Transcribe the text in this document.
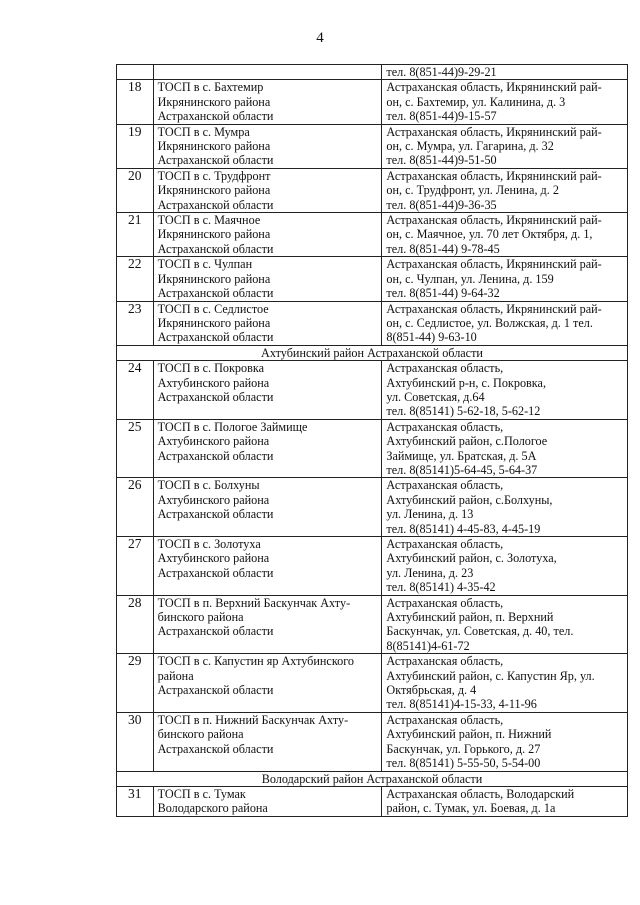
4

		тел. 8(851-44)9-29-21

18	ТОСП в с. Бахтемир
Икрянинского района
Астраханской области	Астраханская область, Икрянинский рай-
он, с. Бахтемир, ул. Калинина, д. 3
тел. 8(851-44)9-15-57

19	ТОСП в с. Мумра
Икрянинского района
Астраханской области	Астраханская область, Икрянинский рай-
он, с. Мумра, ул. Гагарина, д. 32
тел. 8(851-44)9-51-50

20	ТОСП в с. Трудфронт
Икрянинского района
Астраханской области	Астраханская область, Икрянинский рай-
он, с. Трудфронт, ул. Ленина, д. 2
тел. 8(851-44)9-36-35

21	ТОСП в с. Маячное
Икрянинского района
Астраханской области	Астраханская область, Икрянинский рай-
он, с. Маячное, ул. 70 лет Октября, д. 1,
тел. 8(851-44) 9-78-45

22	ТОСП в с. Чулпан
Икрянинского района
Астраханской области	Астраханская область, Икрянинский рай-
он, с. Чулпан, ул. Ленина, д. 159
тел. 8(851-44) 9-64-32

23	ТОСП в с. Седлистое
Икрянинского района
Астраханской области	Астраханская область, Икрянинский рай-
он, с. Седлистое, ул. Волжская, д. 1 тел.
8(851-44) 9-63-10

Ахтубинский район Астраханской области		
24	ТОСП в с. Покровка
Ахтубинского района
Астраханской области	Астраханская область,
Ахтубинский р-н, с. Покровка,
ул. Советская, д.64
тел. 8(85141) 5-62-18, 5-62-12

25	ТОСП в с. Пологое Займище
Ахтубинского района
Астраханской области	Астраханская область,
Ахтубинский район, с.Пологое
Займище, ул. Братская, д. 5А
тел. 8(85141)5-64-45, 5-64-37

26	ТОСП в с. Болхуны
Ахтубинского района
Астраханской области	Астраханская область,
Ахтубинский район, с.Болхуны,
ул. Ленина, д. 13
тел. 8(85141) 4-45-83, 4-45-19

27	ТОСП в с. Золотуха
Ахтубинского района
Астраханской области	Астраханская область,
Ахтубинский район, с. Золотуха,
ул. Ленина, д. 23
тел. 8(85141) 4-35-42

28	ТОСП в п. Верхний Баскунчак Ахту-
бинского района
Астраханской области	Астраханская область,
Ахтубинский район, п. Верхний
Баскунчак, ул. Советская, д. 40, тел.
8(85141)4-61-72

29	ТОСП в с. Капустин яр Ахтубинского
района
Астраханской области	Астраханская область,
Ахтубинский район, с. Капустин Яр, ул.
Октябрьская, д. 4
тел. 8(85141)4-15-33, 4-11-96

30	ТОСП в п. Нижний Баскунчак Ахту-
бинского района
Астраханской области	Астраханская область,
Ахтубинский район, п. Нижний
Баскунчак, ул. Горького, д. 27
тел. 8(85141) 5-55-50, 5-54-00

Володарский район Астраханской области		
31	ТОСП в с. Тумак
Володарского района	Астраханская область, Володарский
район, с. Тумак, ул. Боевая, д. 1а
